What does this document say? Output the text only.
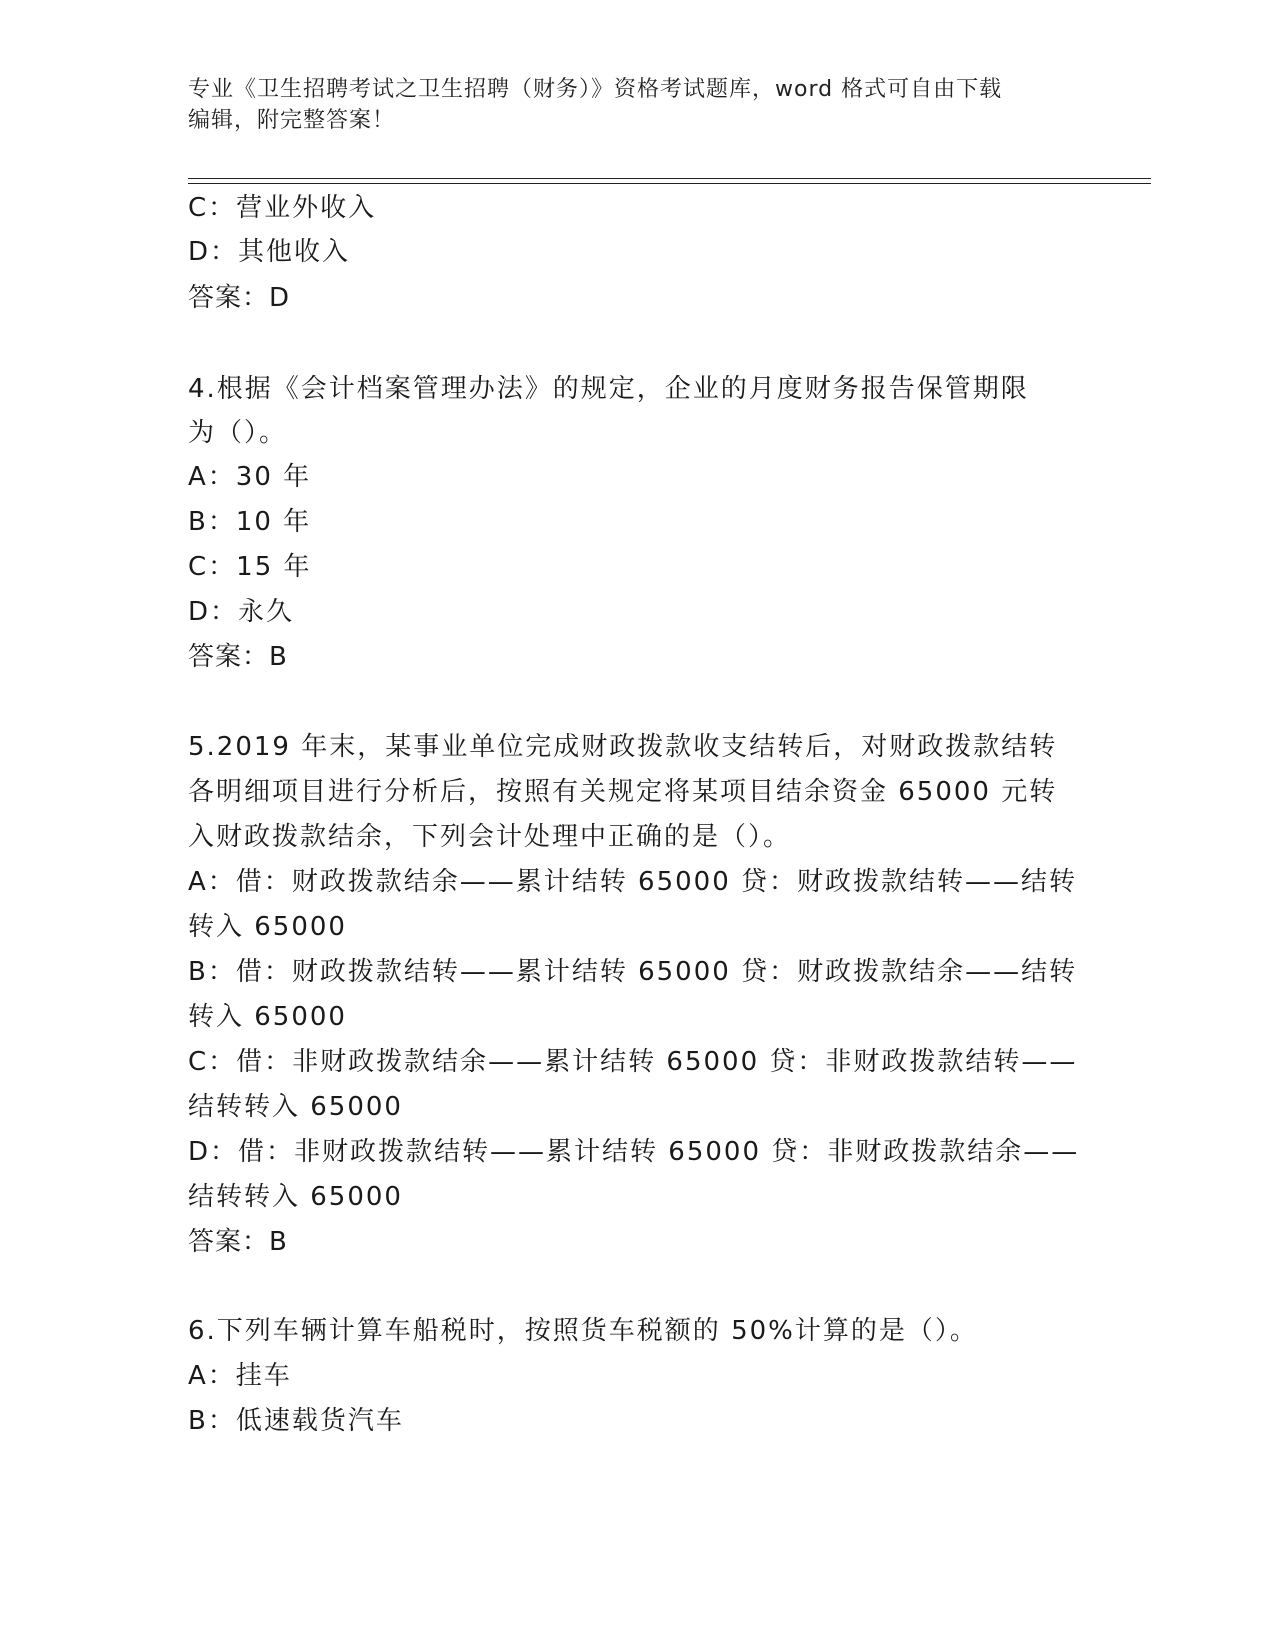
专业《卫生招聘考试之卫生招聘（财务）》资格考试题库，word 格式可自由下载
编辑，附完整答案！
C：营业外收入
D：其他收入
答案：D
4.根据《会计档案管理办法》的规定，企业的月度财务报告保管期限
为（）。
A：30 年
B：10 年
C：15 年
D：永久
答案：B
5.2019 年末，某事业单位完成财政拨款收支结转后，对财政拨款结转
各明细项目进行分析后，按照有关规定将某项目结余资金 65000 元转
入财政拨款结余，下列会计处理中正确的是（）。
A：借：财政拨款结余——累计结转 65000 贷：财政拨款结转——结转
转入 65000
B：借：财政拨款结转——累计结转 65000 贷：财政拨款结余——结转
转入 65000
C：借：非财政拨款结余——累计结转 65000 贷：非财政拨款结转——
结转转入 65000
D：借：非财政拨款结转——累计结转 65000 贷：非财政拨款结余——
结转转入 65000
答案：B
6.下列车辆计算车船税时，按照货车税额的 50%计算的是（）。
A：挂车
B：低速载货汽车
